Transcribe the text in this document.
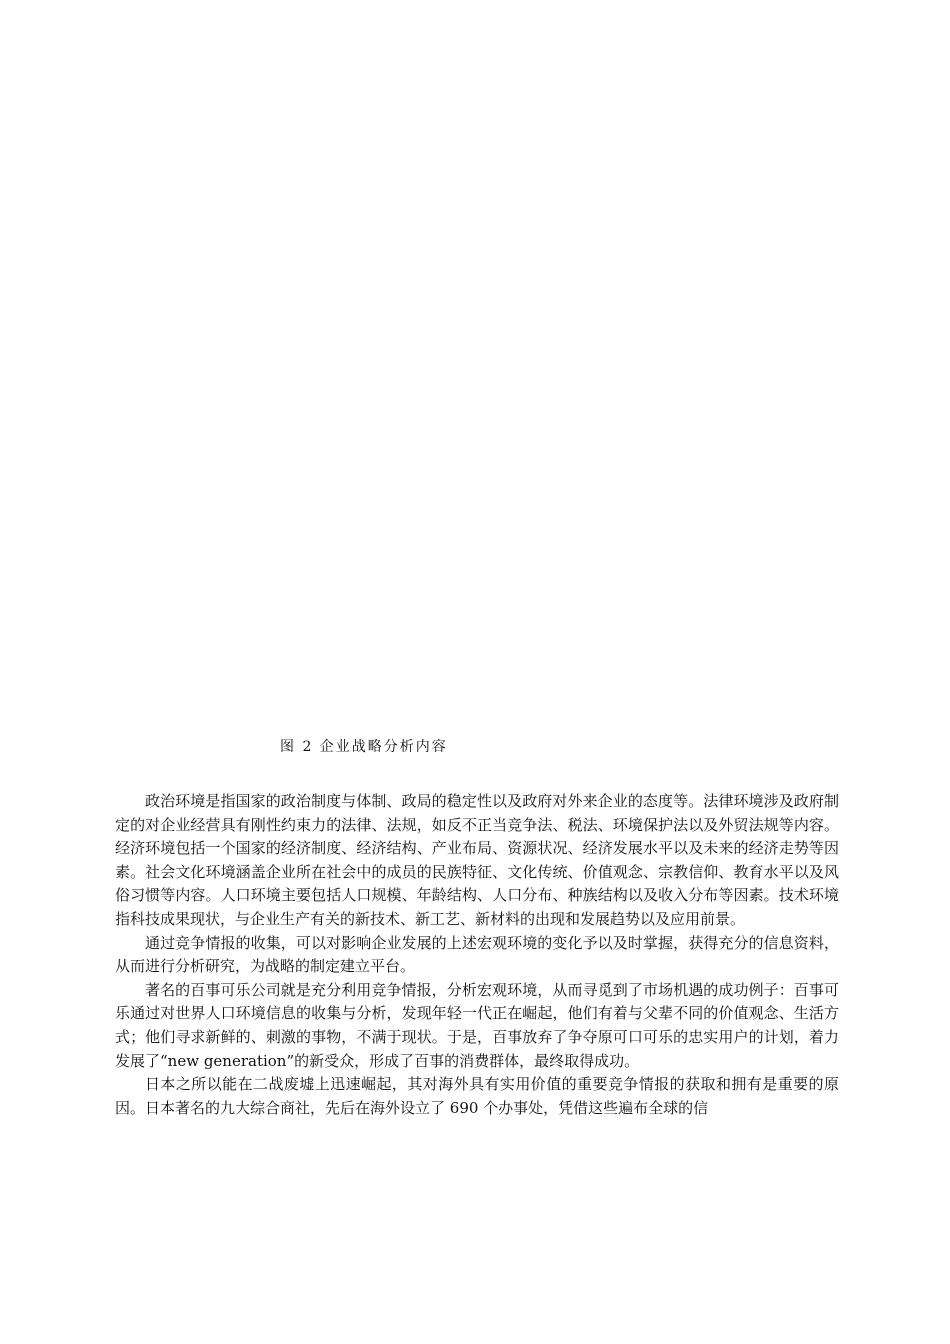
图 2 企业战略分析内容

政治环境是指国家的政治制度与体制、政局的稳定性以及政府对外来企业的态度等。法律环境涉及政府制定的对企业经营具有刚性约束力的法律、法规，如反不正当竞争法、税法、环境保护法以及外贸法规等内容。经济环境包括一个国家的经济制度、经济结构、产业布局、资源状况、经济发展水平以及未来的经济走势等因素。社会文化环境涵盖企业所在社会中的成员的民族特征、文化传统、价值观念、宗教信仰、教育水平以及风俗习惯等内容。人口环境主要包括人口规模、年龄结构、人口分布、种族结构以及收入分布等因素。技术环境指科技成果现状，与企业生产有关的新技术、新工艺、新材料的出现和发展趋势以及应用前景。

通过竞争情报的收集，可以对影响企业发展的上述宏观环境的变化予以及时掌握，获得充分的信息资料，从而进行分析研究，为战略的制定建立平台。

著名的百事可乐公司就是充分利用竞争情报，分析宏观环境，从而寻觅到了市场机遇的成功例子：百事可乐通过对世界人口环境信息的收集与分析，发现年轻一代正在崛起，他们有着与父辈不同的价值观念、生活方式；他们寻求新鲜的、刺激的事物，不满于现状。于是，百事放弃了争夺原可口可乐的忠实用户的计划，着力发展了“new generation”的新受众，形成了百事的消费群体，最终取得成功。

日本之所以能在二战废墟上迅速崛起，其对海外具有实用价值的重要竞争情报的获取和拥有是重要的原因。日本著名的九大综合商社，先后在海外设立了 690 个办事处，凭借这些遍布全球的信
